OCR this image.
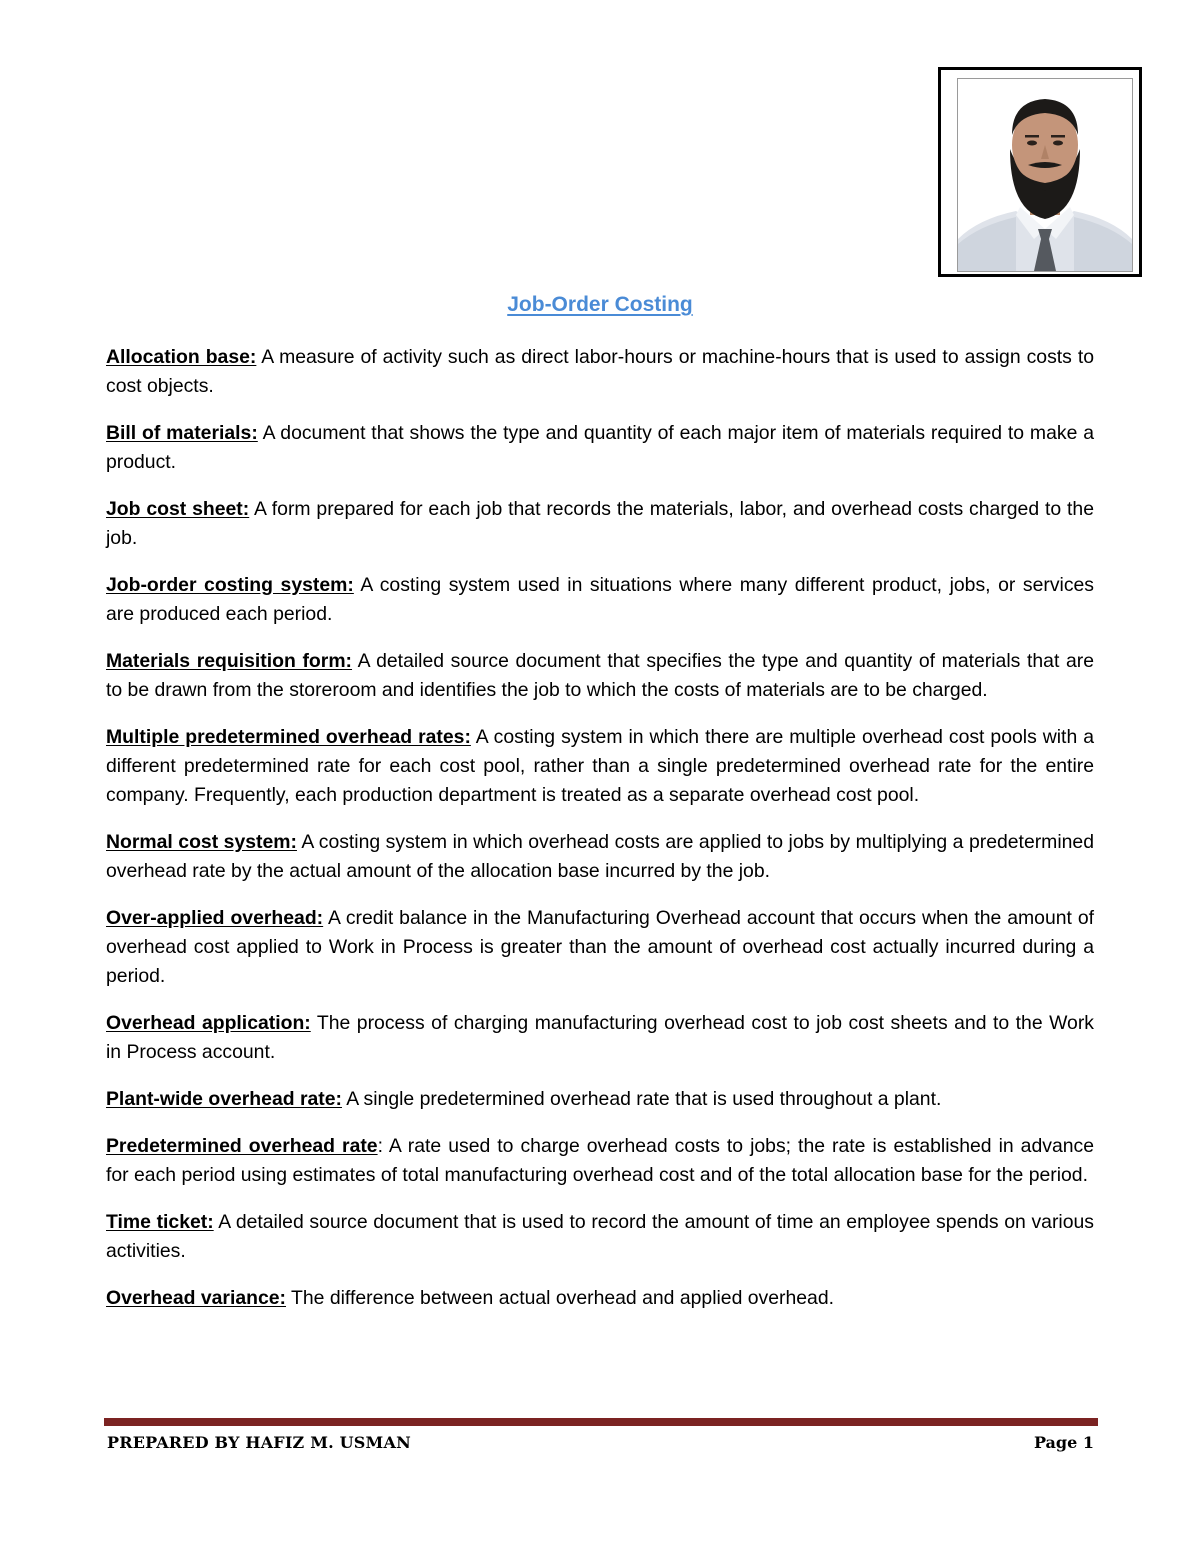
Job-Order Costing

Allocation base: A measure of activity such as direct labor-hours or machine-hours that is used to assign costs to cost objects.

Bill of materials: A document that shows the type and quantity of each major item of materials required to make a product.

Job cost sheet: A form prepared for each job that records the materials, labor, and overhead costs charged to the job.

Job-order costing system: A costing system used in situations where many different product, jobs, or services are produced each period.

Materials requisition form: A detailed source document that specifies the type and quantity of materials that are to be drawn from the storeroom and identifies the job to which the costs of materials are to be charged.

Multiple predetermined overhead rates: A costing system in which there are multiple overhead cost pools with a different predetermined rate for each cost pool, rather than a single predetermined overhead rate for the entire company. Frequently, each production department is treated as a separate overhead cost pool.

Normal cost system: A costing system in which overhead costs are applied to jobs by multiplying a predetermined overhead rate by the actual amount of the allocation base incurred by the job.

Over-applied overhead: A credit balance in the Manufacturing Overhead account that occurs when the amount of overhead cost applied to Work in Process is greater than the amount of overhead cost actually incurred during a period.

Overhead application: The process of charging manufacturing overhead cost to job cost sheets and to the Work in Process account.

Plant-wide overhead rate: A single predetermined overhead rate that is used throughout a plant.

Predetermined overhead rate: A rate used to charge overhead costs to jobs; the rate is established in advance for each period using estimates of total manufacturing overhead cost and of the total allocation base for the period.

Time ticket: A detailed source document that is used to record the amount of time an employee spends on various activities.

Overhead variance: The difference between actual overhead and applied overhead.

PREPARED BY HAFIZ M. USMAN	Page 1
